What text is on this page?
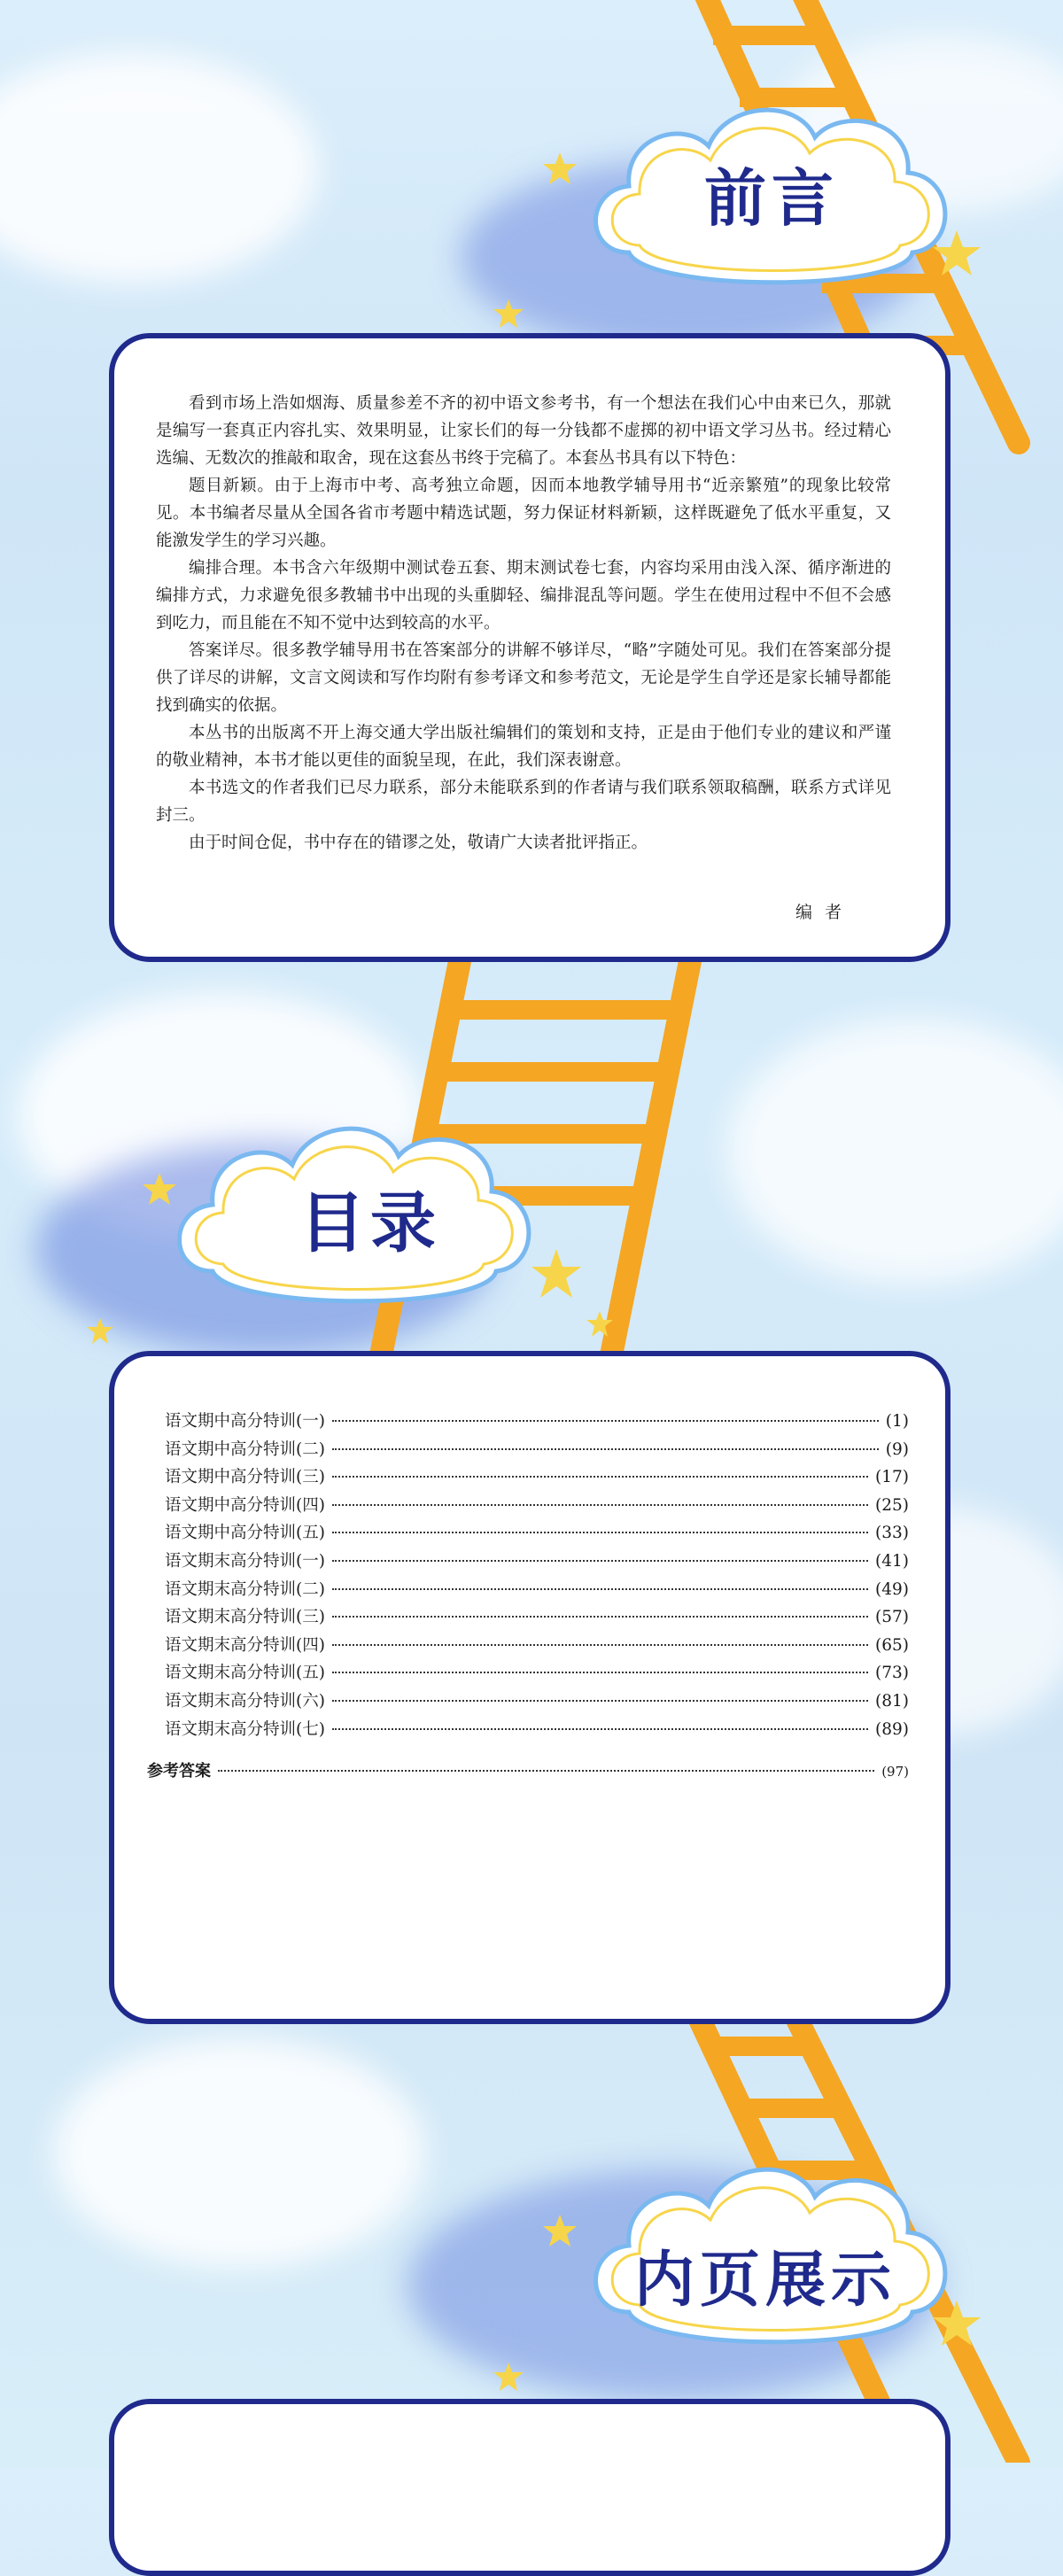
看到市场上浩如烟海、质量参差不齐的初中语文参考书，有一个想法在我们心中由来已久，那就是编写一套真正内容扎实、效果明显，让家长们的每一分钱都不虚掷的初中语文学习丛书。经过精心选编、无数次的推敲和取舍，现在这套丛书终于完稿了。本套丛书具有以下特色：

题目新颖。由于上海市中考、高考独立命题，因而本地教学辅导用书“近亲繁殖”的现象比较常见。本书编者尽量从全国各省市考题中精选试题，努力保证材料新颖，这样既避免了低水平重复，又能激发学生的学习兴趣。

编排合理。本书含六年级期中测试卷五套、期末测试卷七套，内容均采用由浅入深、循序渐进的编排方式，力求避免很多教辅书中出现的头重脚轻、编排混乱等问题。学生在使用过程中不但不会感到吃力，而且能在不知不觉中达到较高的水平。

答案详尽。很多教学辅导用书在答案部分的讲解不够详尽，“略”字随处可见。我们在答案部分提供了详尽的讲解，文言文阅读和写作均附有参考译文和参考范文，无论是学生自学还是家长辅导都能找到确实的依据。

本丛书的出版离不开上海交通大学出版社编辑们的策划和支持，正是由于他们专业的建议和严谨的敬业精神，本书才能以更佳的面貌呈现，在此，我们深表谢意。

本书选文的作者我们已尽力联系，部分未能联系到的作者请与我们联系领取稿酬，联系方式详见封三。

由于时间仓促，书中存在的错谬之处，敬请广大读者批评指正。

编者
前言
目录
语文期中高分特训(一)	(1)
语文期中高分特训(二)	(9)
语文期中高分特训(三)	(17)
语文期中高分特训(四)	(25)
语文期中高分特训(五)	(33)
语文期末高分特训(一)	(41)
语文期末高分特训(二)	(49)
语文期末高分特训(三)	(57)
语文期末高分特训(四)	(65)
语文期末高分特训(五)	(73)
语文期末高分特训(六)	(81)
语文期末高分特训(七)	(89)
参考答案	(97)
内页展示
